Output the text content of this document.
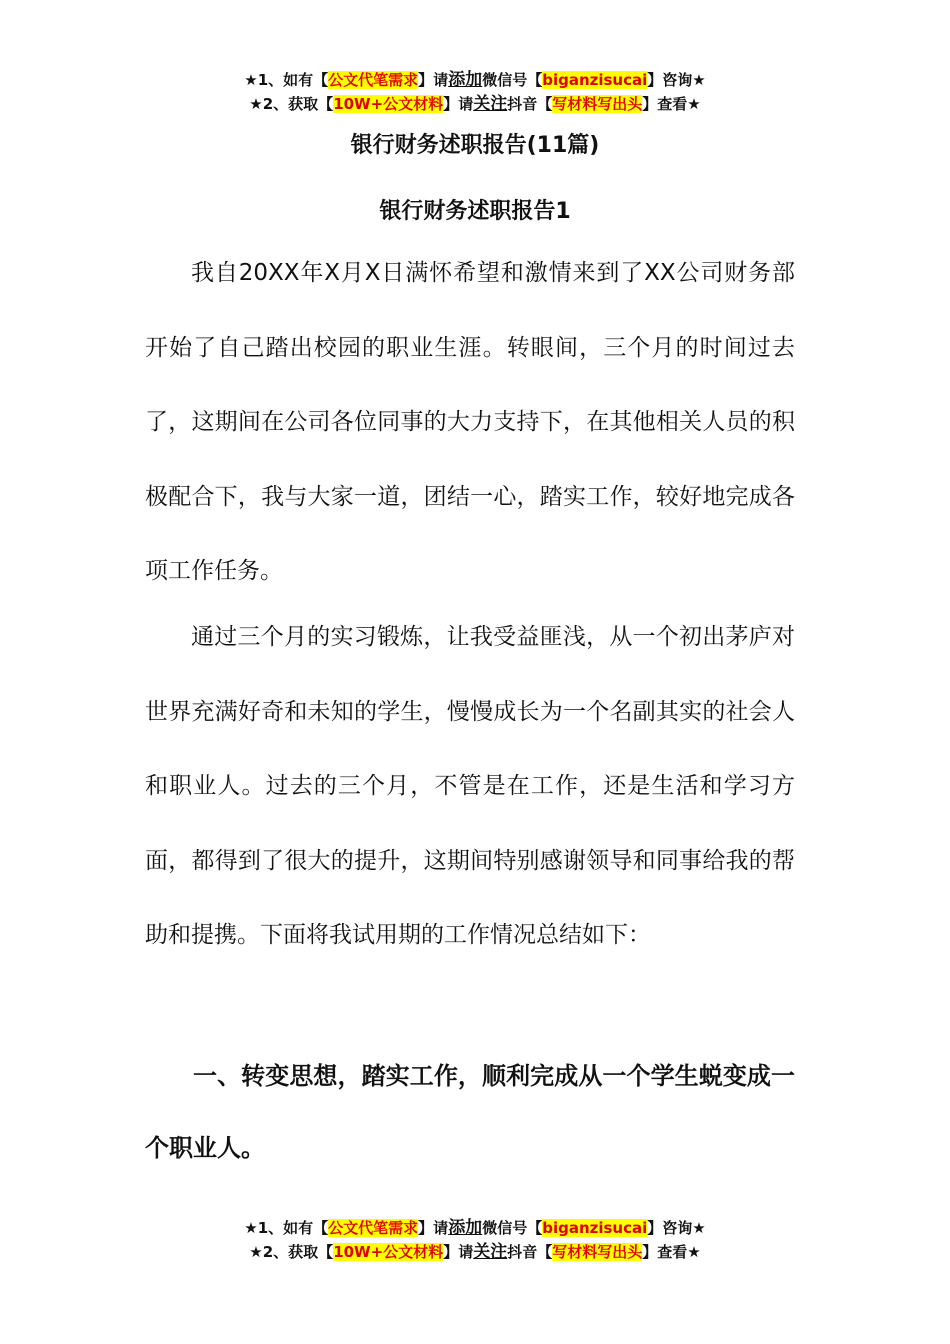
★1、如有【公文代笔需求】请添加微信号【biganzisucai】咨询★
★2、获取【10W+公文材料】请关注抖音【写材料写出头】查看★
银行财务述职报告(11篇)
银行财务述职报告1

我自20XX年X月X日满怀希望和激情来到了XX公司财务部开始了自己踏出校园的职业生涯。转眼间，三个月的时间过去了，这期间在公司各位同事的大力支持下，在其他相关人员的积极配合下，我与大家一道，团结一心，踏实工作，较好地完成各项工作任务。

通过三个月的实习锻炼，让我受益匪浅，从一个初出茅庐对世界充满好奇和未知的学生，慢慢成长为一个名副其实的社会人和职业人。过去的三个月，不管是在工作，还是生活和学习方面，都得到了很大的提升，这期间特别感谢领导和同事给我的帮助和提携。下面将我试用期的工作情况总结如下：

一、转变思想，踏实工作，顺利完成从一个学生蜕变成一个职业人。

★1、如有【公文代笔需求】请添加微信号【biganzisucai】咨询★
★2、获取【10W+公文材料】请关注抖音【写材料写出头】查看★
